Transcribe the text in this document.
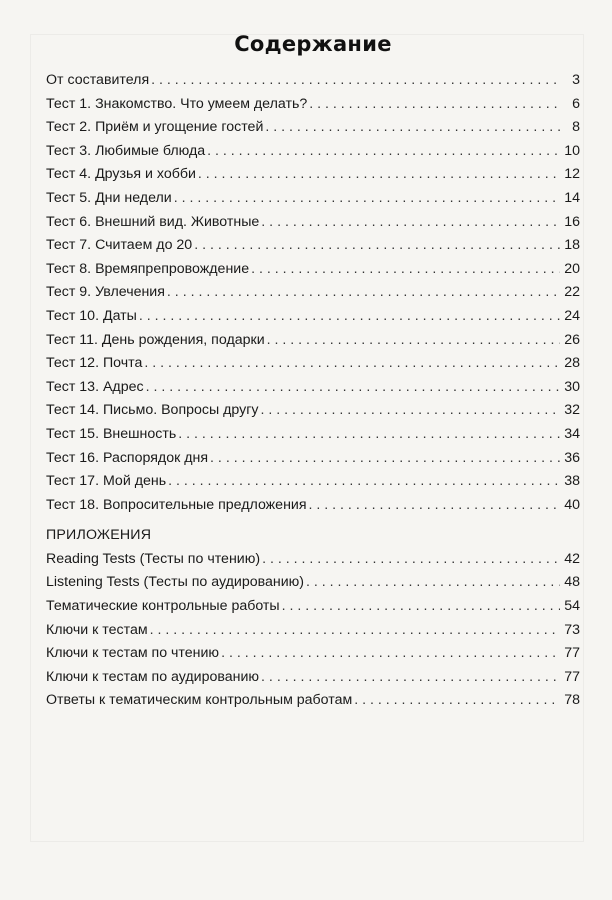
Содержание
От составителя . . .	3
Тест 1. Знакомство. Что умеем делать? . . .	6
Тест 2. Приём и угощение гостей . . .	8
Тест 3. Любимые блюда . . .	10
Тест 4. Друзья и хобби . . .	12
Тест 5. Дни недели . . .	14
Тест 6. Внешний вид. Животные . . .	16
Тест 7. Считаем до 20 . . .	18
Тест 8. Времяпрепровождение . . .	20
Тест 9. Увлечения . . .	22
Тест 10. Даты . . .	24
Тест 11. День рождения, подарки . . .	26
Тест 12. Почта . . .	28
Тест 13. Адрес . . .	30
Тест 14. Письмо. Вопросы другу . . .	32
Тест 15. Внешность . . .	34
Тест 16. Распорядок дня . . .	36
Тест 17. Мой день . . .	38
Тест 18. Вопросительные предложения . . .	40
ПРИЛОЖЕНИЯ
Reading Tests (Тесты по чтению) . . .	42
Listening Tests (Тесты по аудированию) . . .	48
Тематические контрольные работы . . .	54
Ключи к тестам . . .	73
Ключи к тестам по чтению . . .	77
Ключи к тестам по аудированию . . .	77
Ответы к тематическим контрольным работам . . .	78
